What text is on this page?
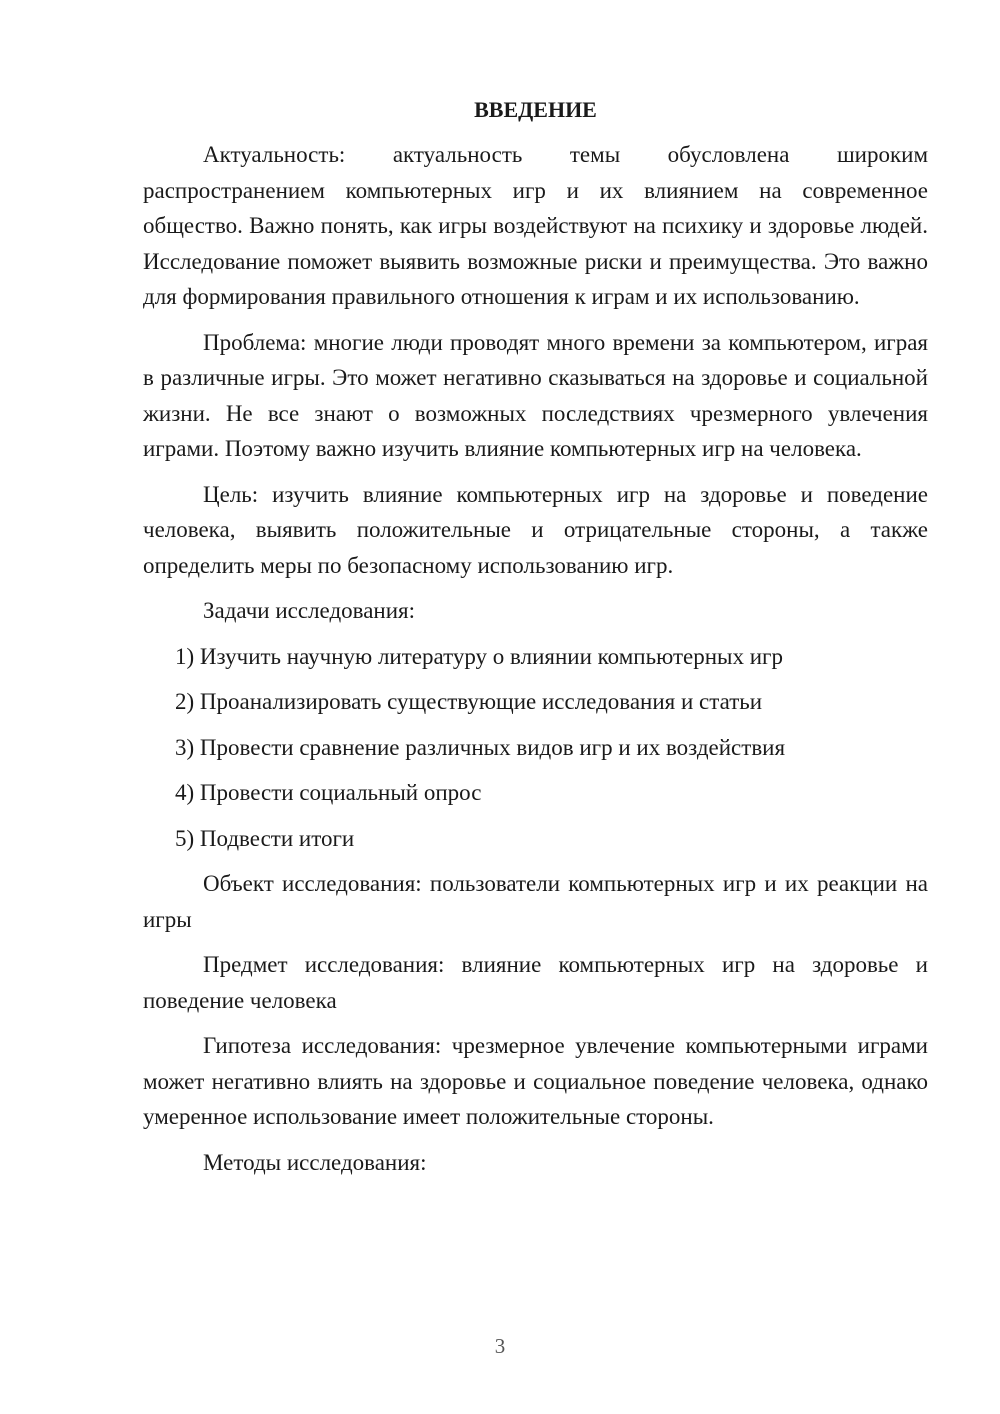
ВВЕДЕНИЕ

Актуальность: актуальность темы обусловлена широким распространением компьютерных игр и их влиянием на современное общество. Важно понять, как игры воздействуют на психику и здоровье людей. Исследование поможет выявить возможные риски и преимущества. Это важно для формирования правильного отношения к играм и их использованию.

Проблема: многие люди проводят много времени за компьютером, играя в различные игры. Это может негативно сказываться на здоровье и социальной жизни. Не все знают о возможных последствиях чрезмерного увлечения играми. Поэтому важно изучить влияние компьютерных игр на человека.

Цель: изучить влияние компьютерных игр на здоровье и поведение человека, выявить положительные и отрицательные стороны, а также определить меры по безопасному использованию игр.

Задачи исследования:

1) Изучить научную литературу о влиянии компьютерных игр
2) Проанализировать существующие исследования и статьи
3) Провести сравнение различных видов игр и их воздействия
4) Провести социальный опрос
5) Подвести итоги

Объект исследования: пользователи компьютерных игр и их реакции на игры

Предмет исследования: влияние компьютерных игр на здоровье и поведение человека

Гипотеза исследования: чрезмерное увлечение компьютерными играми может негативно влиять на здоровье и социальное поведение человека, однако умеренное использование имеет положительные стороны.

Методы исследования:

3
